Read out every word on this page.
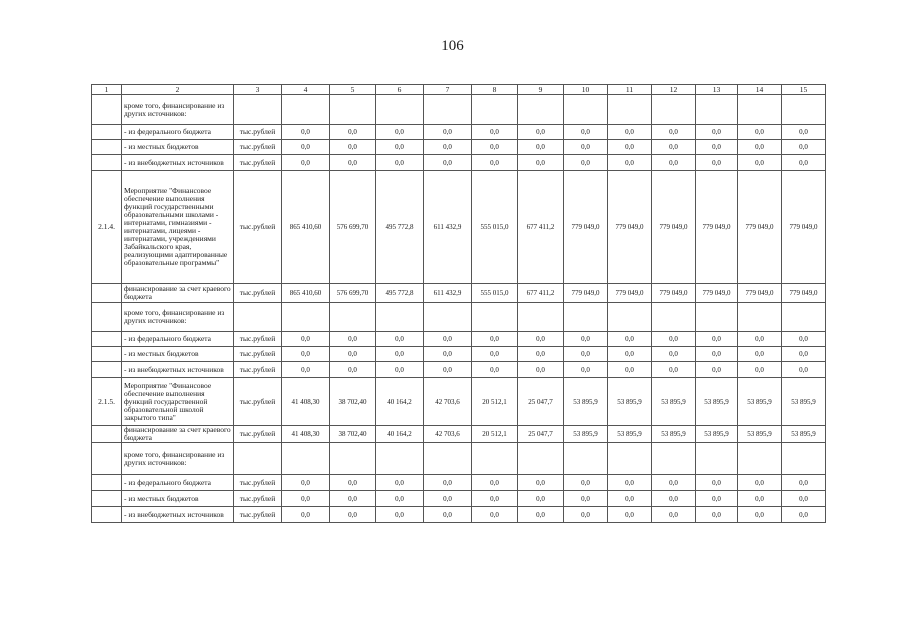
106
1	2	3	4	5	6	7	8	9	10	11	12	13	14	15
	кроме того, финансирование из других источников:													
	- из федерального бюджета	тыс.рублей	0,0	0,0	0,0	0,0	0,0	0,0	0,0	0,0	0,0	0,0	0,0	0,0
	- из местных бюджетов	тыс.рублей	0,0	0,0	0,0	0,0	0,0	0,0	0,0	0,0	0,0	0,0	0,0	0,0
	- из внебюджетных источников	тыс.рублей	0,0	0,0	0,0	0,0	0,0	0,0	0,0	0,0	0,0	0,0	0,0	0,0
2.1.4.	Мероприятие "Финансовое обеспечение выполнения функций государственными образовательными школами - интернатами, гимназиями - интернатами, лицеями - интернатами, учреждениями Забайкальского края, реализующими адаптированные образовательные программы"	тыс.рублей	865 410,60	576 699,70	495 772,8	611 432,9	555 015,0	677 411,2	779 049,0	779 049,0	779 049,0	779 049,0	779 049,0	779 049,0
	финансирование за счет краевого бюджета	тыс.рублей	865 410,60	576 699,70	495 772,8	611 432,9	555 015,0	677 411,2	779 049,0	779 049,0	779 049,0	779 049,0	779 049,0	779 049,0
	кроме того, финансирование из других источников:													
	- из федерального бюджета	тыс.рублей	0,0	0,0	0,0	0,0	0,0	0,0	0,0	0,0	0,0	0,0	0,0	0,0
	- из местных бюджетов	тыс.рублей	0,0	0,0	0,0	0,0	0,0	0,0	0,0	0,0	0,0	0,0	0,0	0,0
	- из внебюджетных источников	тыс.рублей	0,0	0,0	0,0	0,0	0,0	0,0	0,0	0,0	0,0	0,0	0,0	0,0
2.1.5.	Мероприятие "Финансовое обеспечение выполнения функций государственной образовательной школой закрытого типа"	тыс.рублей	41 408,30	38 702,40	40 164,2	42 703,6	20 512,1	25 047,7	53 895,9	53 895,9	53 895,9	53 895,9	53 895,9	53 895,9
	финансирование за счет краевого бюджета	тыс.рублей	41 408,30	38 702,40	40 164,2	42 703,6	20 512,1	25 047,7	53 895,9	53 895,9	53 895,9	53 895,9	53 895,9	53 895,9
	кроме того, финансирование из других источников:													
	- из федерального бюджета	тыс.рублей	0,0	0,0	0,0	0,0	0,0	0,0	0,0	0,0	0,0	0,0	0,0	0,0
	- из местных бюджетов	тыс.рублей	0,0	0,0	0,0	0,0	0,0	0,0	0,0	0,0	0,0	0,0	0,0	0,0
	- из внебюджетных источников	тыс.рублей	0,0	0,0	0,0	0,0	0,0	0,0	0,0	0,0	0,0	0,0	0,0	0,0
